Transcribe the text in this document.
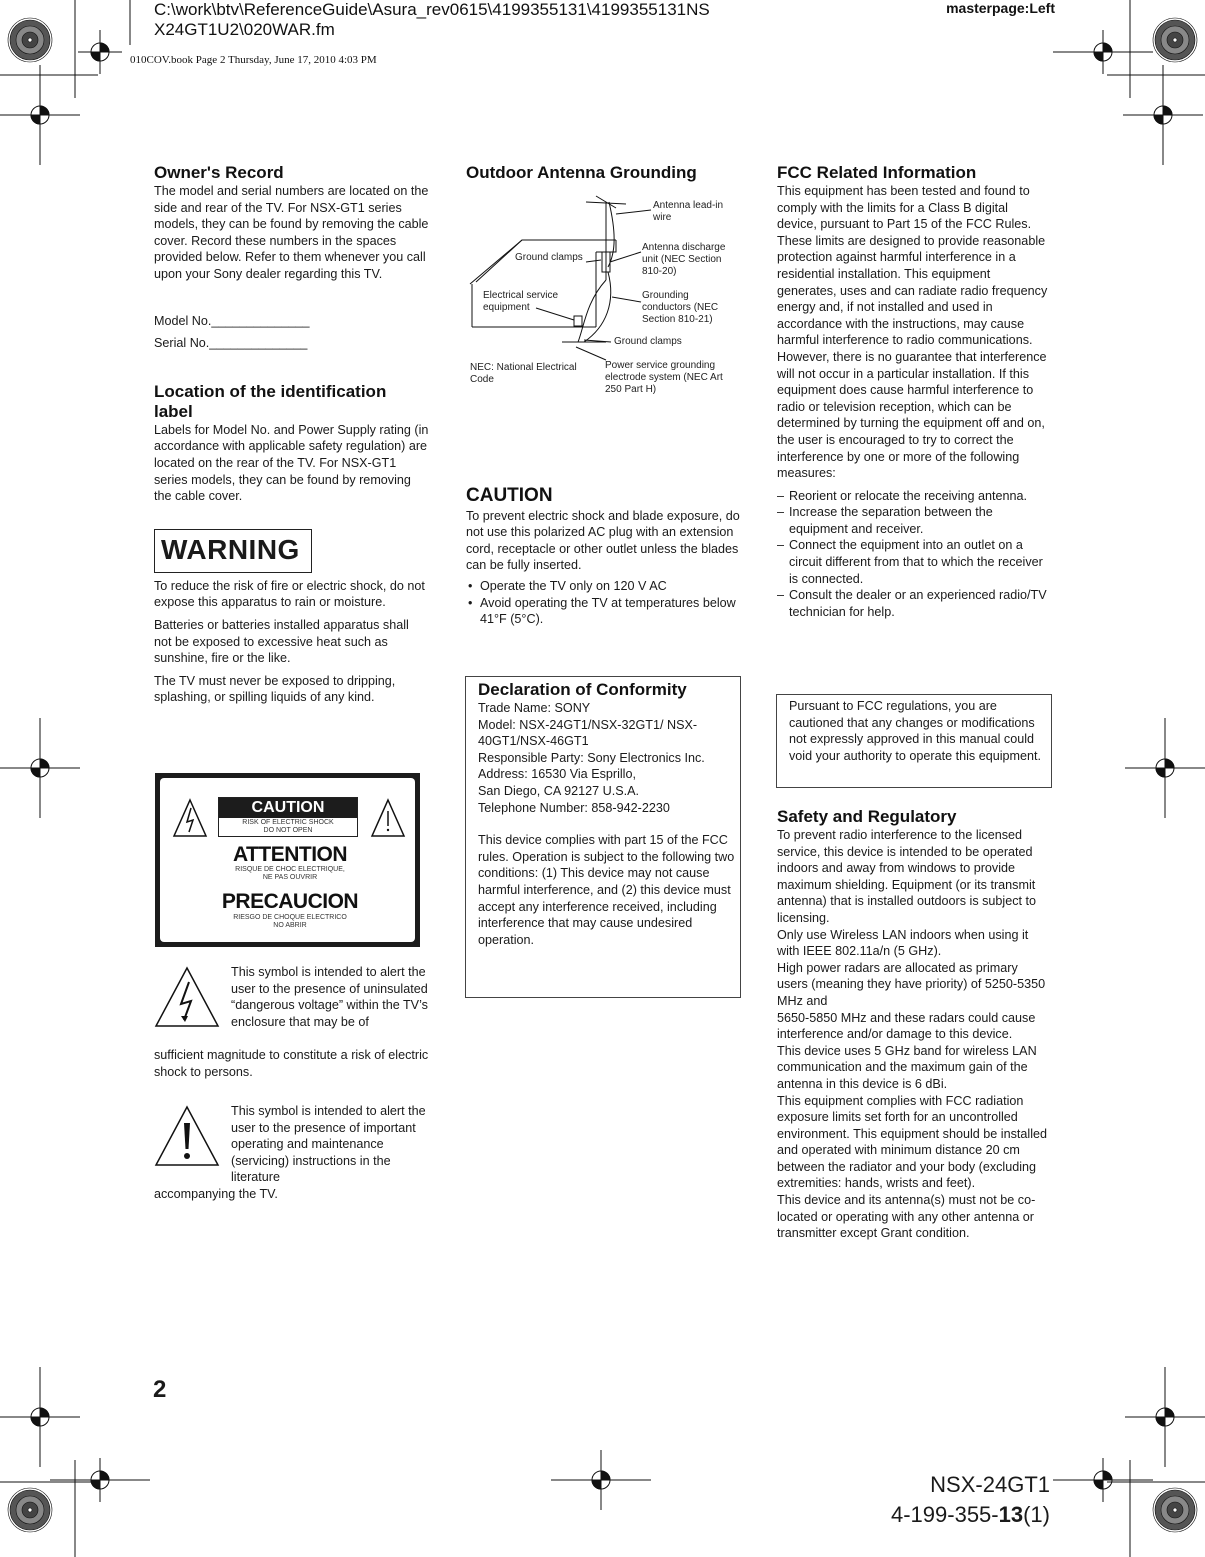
C:\work\btv\ReferenceGuide\Asura_rev0615\4199355131\4199355131NS
X24GT1U2\020WAR.fm
masterpage:Left
010COV.book Page 2 Thursday, June 17, 2010 4:03 PM
Owner's Record

The model and serial numbers are located on the side and rear of the TV. For NSX-GT1 series models, they can be found by removing the cable cover. Record these numbers in the spaces provided below. Refer to them whenever you call upon your Sony dealer regarding this TV.

Model No.______________

Serial No.______________

Location of the identification label

Labels for Model No. and Power Supply rating (in accordance with applicable safety regulation) are located on the rear of the TV. For NSX-GT1 series models, they can be found by removing the cable cover.

WARNING

To reduce the risk of fire or electric shock, do not expose this apparatus to rain or moisture.

Batteries or batteries installed apparatus shall not be exposed to excessive heat such as sunshine, fire or the like.

The TV must never be exposed to dripping, splashing, or spilling liquids of any kind.

CAUTION
RISK OF ELECTRIC SHOCK
DO NOT OPEN
ATTENTION
RISQUE DE CHOC ELECTRIQUE,
NE PAS OUVRIR
PRECAUCION
RIESGO DE CHOQUE ELECTRICO
NO ABRIR
This symbol is intended to alert the user to the presence of uninsulated “dangerous voltage” within the TV’s enclosure that may be of
sufficient magnitude to constitute a risk of electric shock to persons.
This symbol is intended to alert the user to the presence of important operating and maintenance (servicing) instructions in the literature
accompanying the TV.
Outdoor Antenna Grounding
Antenna lead-in wire
Ground clamps
Antenna discharge unit (NEC Section 810-20)
Electrical service equipment
Grounding conductors (NEC Section 810-21)
Ground clamps
NEC: National Electrical Code
Power service grounding electrode system (NEC Art 250 Part H)
CAUTION

To prevent electric shock and blade exposure, do not use this polarized AC plug with an extension cord, receptacle or other outlet unless the blades can be fully inserted.

• Operate the TV only on 120 V AC
• Avoid operating the TV at temperatures below 41°F (5°C).
Declaration of Conformity
Trade Name: SONY
Model: NSX-24GT1/NSX-32GT1/ NSX-40GT1/NSX-46GT1
Responsible Party: Sony Electronics Inc.
Address: 16530 Via Esprillo,
San Diego, CA 92127 U.S.A.
Telephone Number: 858-942-2230
This device complies with part 15 of the FCC rules. Operation is subject to the following two conditions: (1) This device may not cause harmful interference, and (2) this device must accept any interference received, including interference that may cause undesired operation.
FCC Related Information

This equipment has been tested and found to comply with the limits for a Class B digital device, pursuant to Part 15 of the FCC Rules. These limits are designed to provide reasonable protection against harmful interference in a residential installation. This equipment generates, uses and can radiate radio frequency energy and, if not installed and used in accordance with the instructions, may cause harmful interference to radio communications. However, there is no guarantee that interference will not occur in a particular installation. If this equipment does cause harmful interference to radio or television reception, which can be determined by turning the equipment off and on, the user is encouraged to try to correct the interference by one or more of the following measures:

– Reorient or relocate the receiving antenna.
– Increase the separation between the equipment and receiver.
– Connect the equipment into an outlet on a circuit different from that to which the receiver is connected.
– Consult the dealer or an experienced radio/TV technician for help.
Pursuant to FCC regulations, you are cautioned that any changes or modifications not expressly approved in this manual could void your authority to operate this equipment.
Safety and Regulatory
To prevent radio interference to the licensed service, this device is intended to be operated indoors and away from windows to provide maximum shielding. Equipment (or its transmit antenna) that is installed outdoors is subject to licensing.
Only use Wireless LAN indoors when using it with IEEE 802.11a/n (5 GHz).
High power radars are allocated as primary users (meaning they have priority) of 5250-5350 MHz and
5650-5850 MHz and these radars could cause interference and/or damage to this device.
This device uses 5 GHz band for wireless LAN communication and the maximum gain of the antenna in this device is 6 dBi.
This equipment complies with FCC radiation exposure limits set forth for an uncontrolled environment. This equipment should be installed and operated with minimum distance 20 cm between the radiator and your body (excluding extremities: hands, wrists and feet).
This device and its antenna(s) must not be co-located or operating with any other antenna or transmitter except Grant condition.
2
NSX-24GT1
4-199-355-13(1)
